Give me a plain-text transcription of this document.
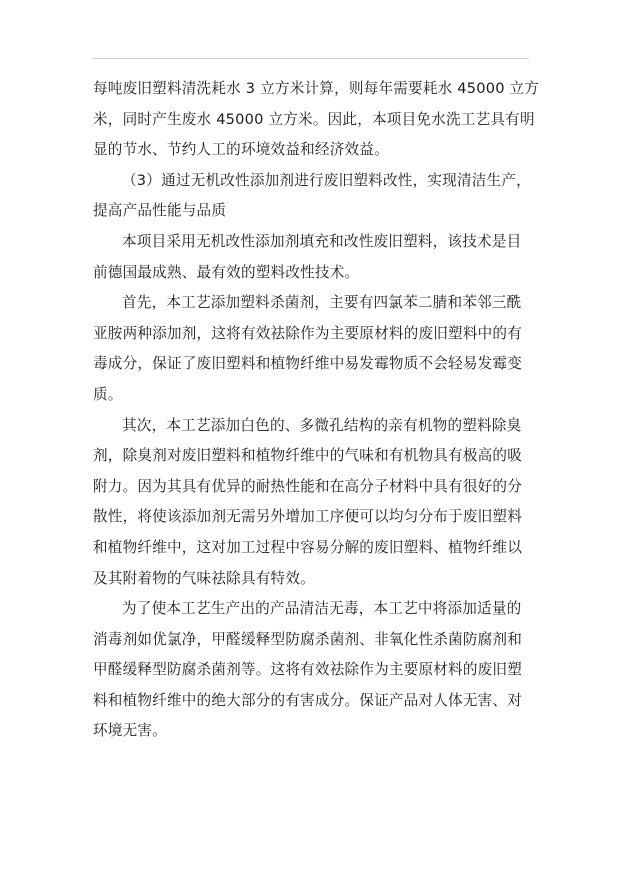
每吨废旧塑料清洗耗水 3 立方米计算，则每年需要耗水 45000 立方
米，同时产生废水 45000 立方米。因此，本项目免水洗工艺具有明
显的节水、节约人工的环境效益和经济效益。
（3）通过无机改性添加剂进行废旧塑料改性，实现清洁生产，
提高产品性能与品质
本项目采用无机改性添加剂填充和改性废旧塑料，该技术是目
前德国最成熟、最有效的塑料改性技术。
首先，本工艺添加塑料杀菌剂，主要有四氯苯二腈和苯邻三酰
亚胺两种添加剂，这将有效祛除作为主要原材料的废旧塑料中的有
毒成分，保证了废旧塑料和植物纤维中易发霉物质不会轻易发霉变
质。
其次，本工艺添加白色的、多微孔结构的亲有机物的塑料除臭
剂，除臭剂对废旧塑料和植物纤维中的气味和有机物具有极高的吸
附力。因为其具有优异的耐热性能和在高分子材料中具有很好的分
散性，将使该添加剂无需另外增加工序便可以均匀分布于废旧塑料
和植物纤维中，这对加工过程中容易分解的废旧塑料、植物纤维以
及其附着物的气味祛除具有特效。
为了使本工艺生产出的产品清洁无毒，本工艺中将添加适量的
消毒剂如优氯净，甲醛缓释型防腐杀菌剂、非氧化性杀菌防腐剂和
甲醛缓释型防腐杀菌剂等。这将有效祛除作为主要原材料的废旧塑
料和植物纤维中的绝大部分的有害成分。保证产品对人体无害、对
环境无害。
